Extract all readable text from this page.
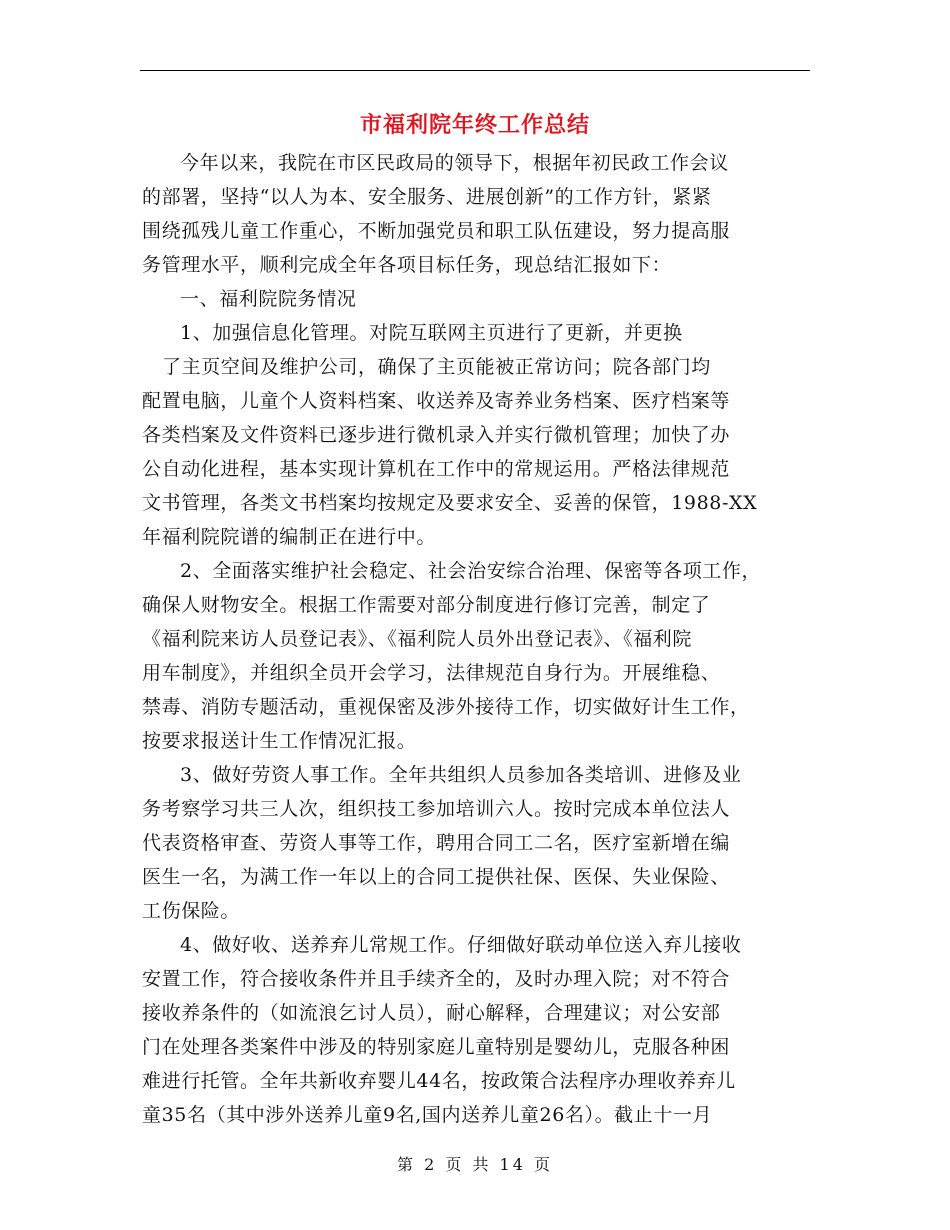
市福利院年终工作总结
今年以来，我院在市区民政局的领导下，根据年初民政工作会议
的部署，坚持“以人为本、安全服务、进展创新”的工作方针，紧紧
围绕孤残儿童工作重心，不断加强党员和职工队伍建设，努力提高服
务管理水平，顺利完成全年各项目标任务，现总结汇报如下：
一、福利院院务情况
1、加强信息化管理。对院互联网主页进行了更新，并更换
了主页空间及维护公司，确保了主页能被正常访问；院各部门均
配置电脑，儿童个人资料档案、收送养及寄养业务档案、医疗档案等
各类档案及文件资料已逐步进行微机录入并实行微机管理；加快了办
公自动化进程，基本实现计算机在工作中的常规运用。严格法律规范
文书管理，各类文书档案均按规定及要求安全、妥善的保管，1988-XX
年福利院院谱的编制正在进行中。
2、全面落实维护社会稳定、社会治安综合治理、保密等各项工作，
确保人财物安全。根据工作需要对部分制度进行修订完善，制定了
《福利院来访人员登记表》、《福利院人员外出登记表》、《福利院
用车制度》，并组织全员开会学习，法律规范自身行为。开展维稳、
禁毒、消防专题活动，重视保密及涉外接待工作，切实做好计生工作，
按要求报送计生工作情况汇报。
3、做好劳资人事工作。全年共组织人员参加各类培训、进修及业
务考察学习共三人次，组织技工参加培训六人。按时完成本单位法人
代表资格审查、劳资人事等工作，聘用合同工二名，医疗室新增在编
医生一名，为满工作一年以上的合同工提供社保、医保、失业保险、
工伤保险。
4、做好收、送养弃儿常规工作。仔细做好联动单位送入弃儿接收
安置工作，符合接收条件并且手续齐全的，及时办理入院；对不符合
接收养条件的（如流浪乞讨人员），耐心解释，合理建议；对公安部
门在处理各类案件中涉及的特别家庭儿童特别是婴幼儿，克服各种困
难进行托管。全年共新收弃婴儿44名，按政策合法程序办理收养弃儿
童35名（其中涉外送养儿童9名,国内送养儿童26名）。截止十一月
第 2 页 共 14 页
